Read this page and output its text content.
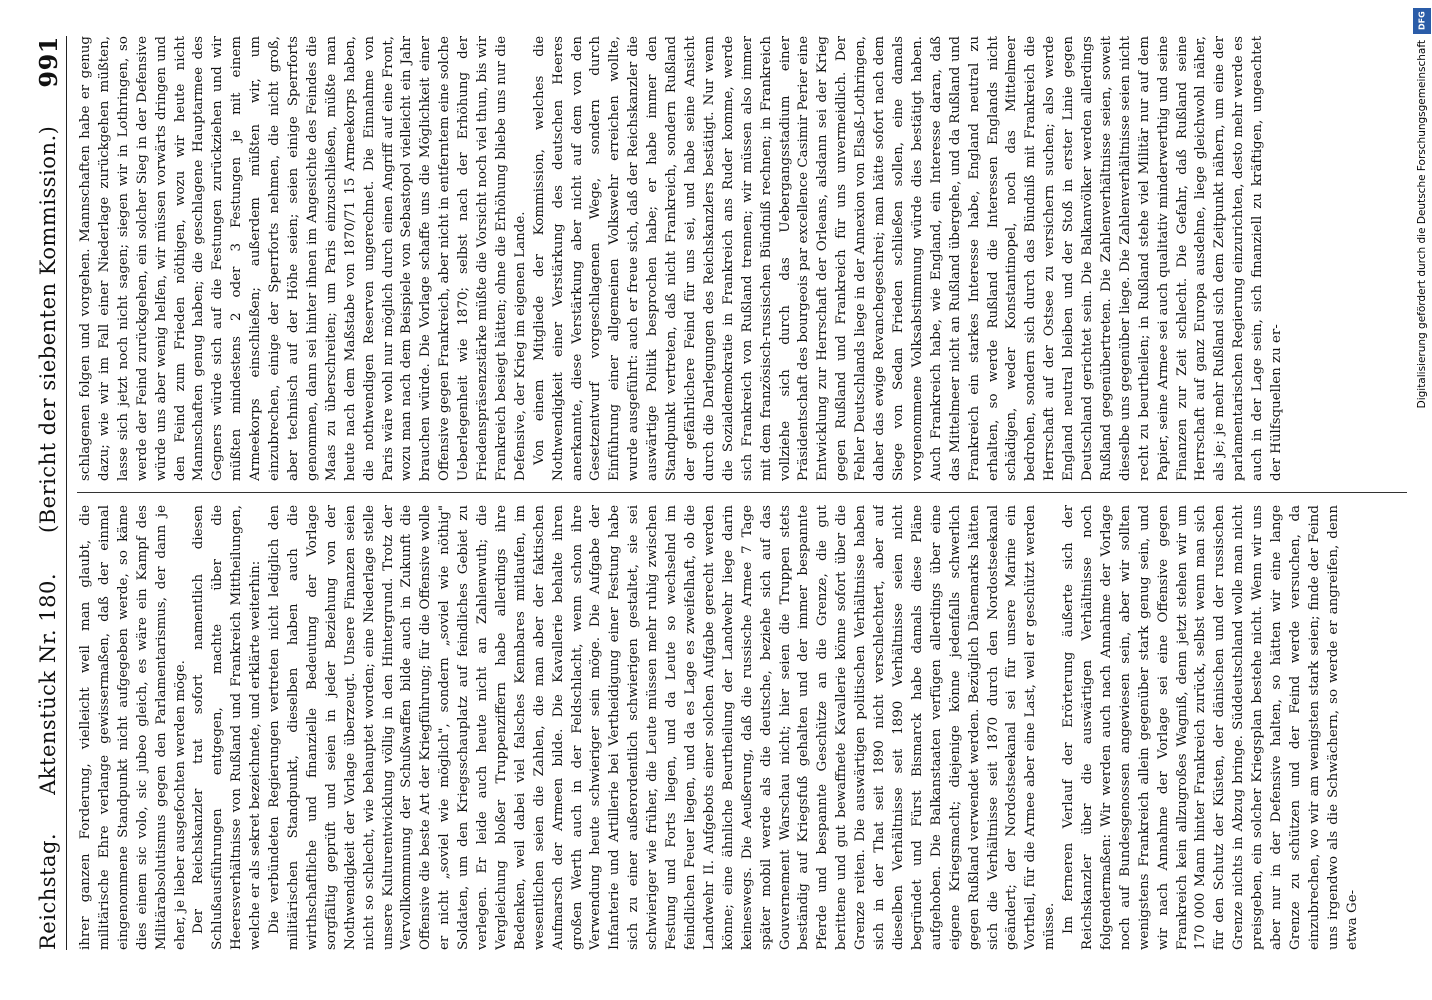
Reichstag.
Aktenstück Nr. 180.
(Bericht der siebenten Kommission.)
991

ihrer ganzen Forderung, vielleicht weil man glaubt, die militärische Ehre verlange gewissermaßen, daß der einmal eingenommene Standpunkt nicht aufgegeben werde, so käme dies einem sic volo, sic jubeo gleich, es wäre ein Kampf des Militärabsolutismus gegen den Parlamentarismus, der dann je eher, je lieber ausgefochten werden möge. Der Reichskanzler trat sofort namentlich diesen Schlußausführungen entgegen, machte über die Heeresverhältnisse von Rußland und Frankreich Mittheilungen, welche er als sekret bezeichnete, und erklärte weiterhin: Die verbündeten Regierungen vertreten nicht lediglich den militärischen Standpunkt, dieselben haben auch die wirthschaftliche und finanzielle Bedeutung der Vorlage sorgfältig geprüft und seien in jeder Beziehung von der Nothwendigkeit der Vorlage überzeugt. Unsere Finanzen seien nicht so schlecht, wie behauptet worden; eine Niederlage stelle unsere Kulturentwicklung völlig in den Hintergrund. Trotz der Vervollkommnung der Schußwaffen bilde auch in Zukunft die Offensive die beste Art der Kriegführung; für die Offensive wolle er nicht „soviel wie möglich", sondern „soviel wie nöthig" Soldaten, um den Kriegsschauplatz auf feindliches Gebiet zu verlegen. Er leide auch heute nicht an Zahlenwuth; die Vergleichung bloßer Truppenziffern habe allerdings ihre Bedenken, weil dabei viel falsches Kennbares mitlaufen, im wesentlichen seien die Zahlen, die man aber der faktischen Aufmarsch der Armeen bilde. Die Kavallerie behalte ihren großen Werth auch in der Feldschlacht, wenn schon ihre Verwendung heute schwieriger sein möge. Die Aufgabe der Infanterie und Artillerie bei Vertheidigung einer Festung habe sich zu einer außerordentlich schwierigen gestaltet, sie sei schwieriger wie früher, die Leute müssen mehr ruhig zwischen Festung und Forts liegen, und da Leute so wechselnd im feindlichen Feuer liegen, und da es Lage es zweifelhaft, ob die Landwehr II. Aufgebots einer solchen Aufgabe gerecht werden könne; eine ähnliche Beurtheilung der Landwehr liege darin keineswegs. Die Aeußerung, daß die russische Armee 7 Tage später mobil werde als die deutsche, beziehe sich auf das Gouvernement Warschau nicht; hier seien die Truppen stets beständig auf Kriegsfuß gehalten und der immer bespannte Pferde und bespannte Geschütze an die Grenze, die gut berittene und gut bewaffnete Kavallerie könne sofort über die Grenze reiten. Die auswärtigen politischen Verhältnisse haben sich in der That seit 1890 nicht verschlechtert, aber auf dieselben Verhältnisse seit 1890 Verhältnisse seien nicht begründet und Fürst Bismarck habe damals diese Pläne aufgehoben. Die Balkanstaaten verfügen allerdings über eine eigene Kriegsmacht; diejenige könne jedenfalls schwerlich gegen Rußland verwendet werden. Bezüglich Dänemarks hätten sich die Verhältnisse seit 1870 durch den Nordostseekanal geändert; der Nordostseekanal sei für unsere Marine ein Vortheil, für die Armee aber eine Last, weil er geschützt werden müsse. Im ferneren Verlauf der Erörterung äußerte sich der Reichskanzler über die auswärtigen Verhältnisse noch folgendermaßen: Wir werden auch nach Annahme der Vorlage noch auf Bundesgenossen angewiesen sein, aber wir sollten wenigstens Frankreich allein gegenüber stark genug sein, und wir nach Annahme der Vorlage sei eine Offensive gegen Frankreich kein allzugroßes Wagniß, denn jetzt stehen wir um 170 000 Mann hinter Frankreich zurück, selbst wenn man sich für den Schutz der Küsten, der dänischen und der russischen Grenze nichts in Abzug bringe. Süddeutschland wolle man nicht preisgeben, ein solcher Kriegsplan bestehe nicht. Wenn wir uns aber nur in der Defensive halten, so hätten wir eine lange Grenze zu schützen und der Feind werde versuchen, da einzubrechen, wo wir am wenigsten stark seien; finde der Feind uns irgendwo als die Schwächern, so werde er angreifen, denn etwa Ge-

schlagenen folgen und vorgehen. Mannschaften habe er genug dazu; wie wir im Fall einer Niederlage zurückgehen müßten, lasse sich jetzt noch nicht sagen; siegen wir in Lothringen, so werde der Feind zurückgehen, ein solcher Sieg in der Defensive würde uns aber wenig helfen, wir müssen vorwärts dringen und den Feind zum Frieden nöthigen, wozu wir heute nicht Mannschaften genug haben; die geschlagene Hauptarmee des Gegners würde sich auf die Festungen zurückziehen und wir müßten mindestens 2 oder 3 Festungen je mit einem Armeekorps einschließen; außerdem müßten wir, um einzubrechen, einige der Sperrforts nehmen, die nicht groß, aber technisch auf der Höhe seien; seien einige Sperrforts genommen, dann sei hinter ihnen im Angesichte des Feindes die Maas zu überschreiten; um Paris einzuschließen, müßte man heute nach dem Maßstabe von 1870/71 15 Armeekorps haben, die nothwendigen Reserven ungerechnet. Die Einnahme von Paris wäre wohl nur möglich durch einen Angriff auf eine Front, wozu man nach dem Beispiele von Sebastopol vielleicht ein Jahr brauchen würde. Die Vorlage schaffe uns die Möglichkeit einer Offensive gegen Frankreich, aber nicht in entferntem eine solche Ueberlegenheit wie 1870; selbst nach der Erhöhung der Friedenspräsenzstärke müßte die Vorsicht noch viel thun, bis wir Frankreich besiegt hätten; ohne die Erhöhung bliebe uns nur die Defensive, der Krieg im eigenen Lande. Von einem Mitgliede der Kommission, welches die Nothwendigkeit einer Verstärkung des deutschen Heeres anerkannte, diese Verstärkung aber nicht auf dem von den Gesetzentwurf vorgeschlagenen Wege, sondern durch Einführung einer allgemeinen Volkswehr erreichen wollte, wurde ausgeführt: auch er freue sich, daß der Reichskanzler die auswärtige Politik besprochen habe; er habe immer den Standpunkt vertreten, daß nicht Frankreich, sondern Rußland der gefährlichere Feind für uns sei, und habe seine Ansicht durch die Darlegungen des Reichskanzlers bestätigt. Nur wenn die Sozialdemokratie in Frankreich ans Ruder komme, werde sich Frankreich von Rußland trennen; wir müssen also immer mit dem französisch-russischen Bündniß rechnen; in Frankreich vollziehe sich durch das Uebergangsstadium einer Präsidentschaft des bourgeois par excellence Casimir Perier eine Entwicklung zur Herrschaft der Orleans, alsdann sei der Krieg gegen Rußland und Frankreich für uns unvermeidlich. Der Fehler Deutschlands liege in der Annexion von Elsaß-Lothringen, daher das ewige Revanchegeschrei; man hätte sofort nach dem Siege von Sedan Frieden schließen sollen, eine damals vorgenommene Volksabstimmung würde dies bestätigt haben. Auch Frankreich habe, wie England, ein Interesse daran, daß das Mittelmeer nicht an Rußland übergehe, und da Rußland und Frankreich ein starkes Interesse habe, England neutral zu erhalten, so werde Rußland die Interessen Englands nicht schädigen, weder Konstantinopel, noch das Mittelmeer bedrohen, sondern sich durch das Bündniß mit Frankreich die Herrschaft auf der Ostsee zu versichern suchen; also werde England neutral bleiben und der Stoß in erster Linie gegen Deutschland gerichtet sein. Die Balkanvölker werden allerdings Rußland gegenübertreten. Die Zahlenverhältnisse seien, soweit dieselbe uns gegenüber liege. Die Zahlenverhältnisse seien nicht recht zu beurtheilen; in Rußland stehe viel Militär nur auf dem Papier, seine Armee sei auch qualitativ minderwerthig und seine Finanzen zur Zeit schlecht. Die Gefahr, daß Rußland seine Herrschaft auf ganz Europa ausdehne, liege gleichwohl näher, als je; je mehr Rußland sich dem Zeitpunkt nähern, um eine der parlamentarischen Regierung einzurichten, desto mehr werde es auch in der Lage sein, sich finanziell zu kräftigen, ungeachtet der Hülfsquellen zu er-

DFG
Digitalisierung gefördert durch die Deutsche Forschungsgemeinschaft
